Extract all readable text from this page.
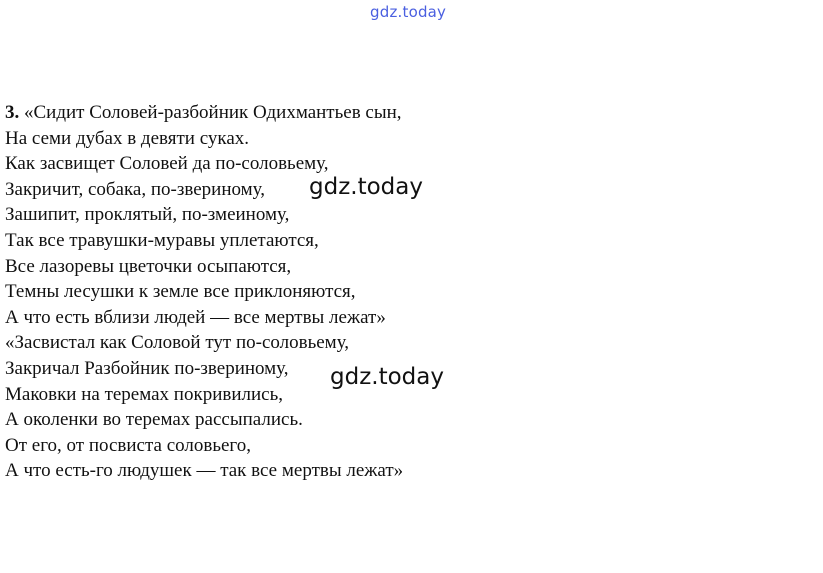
gdz.today
3. «Сидит Соловей-разбойник Одихмантьев сын,
На семи дубах в девяти суках.
Как засвищет Соловей да по-соловьему,
Закричит, собака, по-звериному,
Зашипит, проклятый, по-змеиному,
Так все травушки-муравы уплетаются,
Все лазоревы цветочки осыпаются,
Темны лесушки к земле все приклоняются,
А что есть вблизи людей — все мертвы лежат»
«Засвистал как Соловой тут по-соловьему,
Закричал Разбойник по-звериному,
Маковки на теремах покривились,
А околенки во теремах рассыпались.
От его, от посвиста соловьего,
А что есть-го людушек — так все мертвы лежат»
gdz.today
gdz.today
